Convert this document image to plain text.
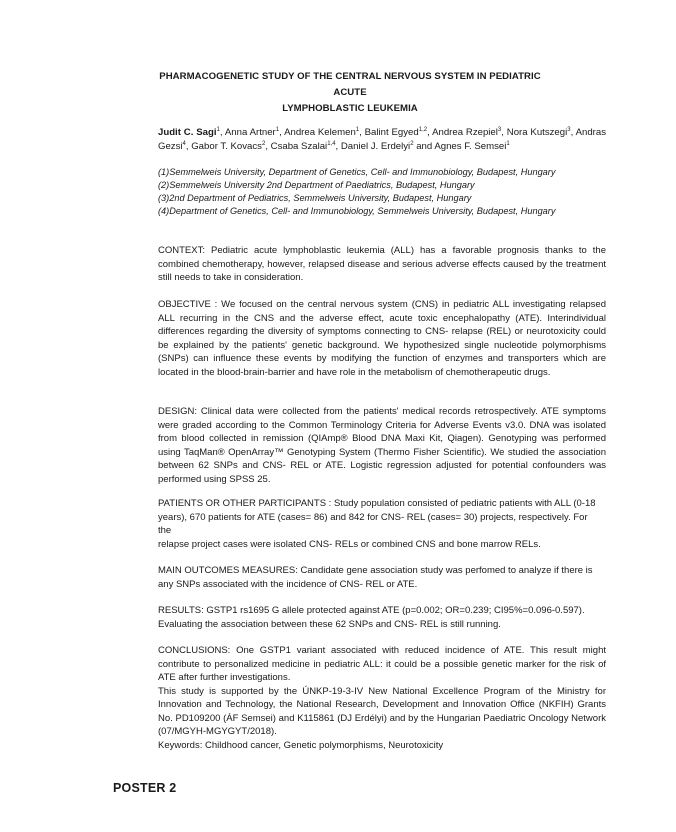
PHARMACOGENETIC STUDY OF THE CENTRAL NERVOUS SYSTEM IN PEDIATRIC ACUTE
LYMPHOBLASTIC LEUKEMIA
Judit C. Sagi$^1$, Anna Artner$^1$, Andrea Kelemen$^1$, Balint Egyed$^{1,2}$, Andrea Rzepiel$^3$, Nora Kutszegi$^3$, Andras Gezsi$^4$, Gabor T. Kovacs$^2$, Csaba Szalai$^{1,4}$, Daniel J. Erdelyi$^2$ and Agnes F. Semsei$^1$
(1)Semmelweis University, Department of Genetics, Cell- and Immunobiology, Budapest, Hungary
(2)Semmelweis University 2nd Department of Paediatrics, Budapest, Hungary
(3)2nd Department of Pediatrics, Semmelweis University, Budapest, Hungary
(4)Department of Genetics, Cell- and Immunobiology, Semmelweis University, Budapest, Hungary
CONTEXT: Pediatric acute lymphoblastic leukemia (ALL) has a favorable prognosis thanks to the combined chemotherapy, however, relapsed disease and serious adverse effects caused by the treatment still needs to take in consideration.
OBJECTIVE : We focused on the central nervous system (CNS) in pediatric ALL investigating relapsed ALL recurring in the CNS and the adverse effect, acute toxic encephalopathy (ATE). Interindividual differences regarding the diversity of symptoms connecting to CNS- relapse (REL) or neurotoxicity could be explained by the patients' genetic background. We hypothesized single nucleotide polymorphisms (SNPs) can influence these events by modifying the function of enzymes and transporters which are located in the blood-brain-barrier and have role in the metabolism of chemotherapeutic drugs.
DESIGN: Clinical data were collected from the patients' medical records retrospectively. ATE symptoms were graded according to the Common Terminology Criteria for Adverse Events v3.0. DNA was isolated from blood collected in remission (QIAmp® Blood DNA Maxi Kit, Qiagen). Genotyping was performed using TaqMan® OpenArray™ Genotyping System (Thermo Fisher Scientific). We studied the association between 62 SNPs and CNS- REL or ATE. Logistic regression adjusted for potential confounders was performed using SPSS 25.
PATIENTS OR OTHER PARTICIPANTS : Study population consisted of pediatric patients with ALL (0-18
years), 670 patients for ATE (cases= 86) and 842 for CNS- REL (cases= 30) projects, respectively. For
the
relapse project cases were isolated CNS- RELs or combined CNS and bone marrow RELs.
MAIN OUTCOMES MEASURES: Candidate gene association study was perfomed to analyze if there is
any SNPs associated with the incidence of CNS- REL or ATE.
RESULTS: GSTP1 rs1695 G allele protected against ATE (p=0.002; OR=0.239; CI95%=0.096-0.597).
Evaluating the association between these 62 SNPs and CNS- REL is still running.
CONCLUSIONS: One GSTP1 variant associated with reduced incidence of ATE. This result might contribute to personalized medicine in pediatric ALL: it could be a possible genetic marker for the risk of ATE after further investigations.
This study is supported by the ÚNKP-19-3-IV New National Excellence Program of the Ministry for Innovation and Technology, the National Research, Development and Innovation Office (NKFIH) Grants No. PD109200 (ÁF Semsei) and K115861 (DJ Erdélyi) and by the Hungarian Paediatric Oncology Network (07/MGYH-MGYGYT/2018).
Keywords: Childhood cancer, Genetic polymorphisms, Neurotoxicity
POSTER 2
